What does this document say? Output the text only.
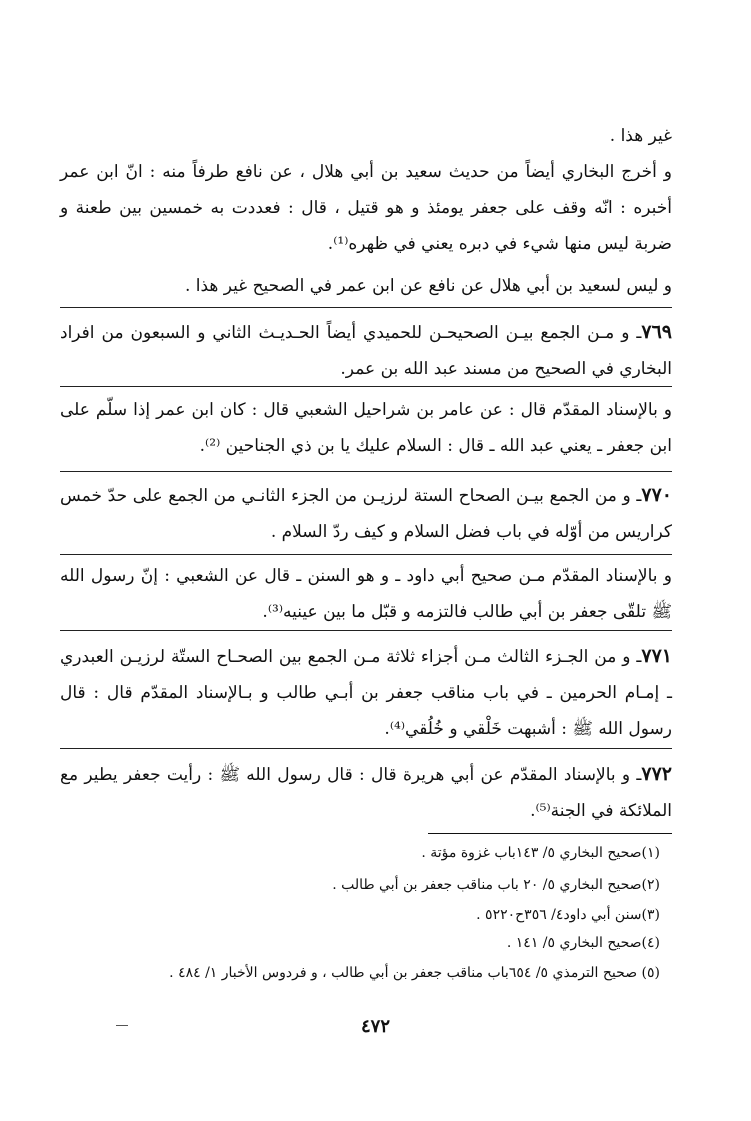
غير هذا .

و أخرج البخاري أيضاً من حديث سعيد بن أبي هلال ، عن نافع طرفاً منه : انّ ابن عمر أخبره : انّه وقف على جعفر يومئذ و هو قتيل ، قال : فعددت به خمسين بين طعنة و ضربة ليس منها شيء في دبره يعني في ظهره⁽¹⁾.

و ليس لسعيد بن أبي هلال عن نافع عن ابن عمر في الصحيح غير هذا .

٧٦٩ـ و مـن الجمع بيـن الصحيحـن للحميدي أيضاً الحـديـث الثاني و السبعون من افراد البخاري في الصحيح من مسند عبد الله بن عمر.

و بالإسناد المقدّم قال : عن عامر بن شراحيل الشعبي قال : كان ابن عمر إذا سلّم على ابن جعفر ـ يعني عبد الله ـ قال : السلام عليك يا بن ذي الجناحين ⁽²⁾.

٧٧٠ـ و من الجمع بيـن الصحاح الستة لرزيـن من الجزء الثانـي من الجمع على حدّ خمس كراريس من أوّله في باب فضل السلام و كيف ردّ السلام .

و بالإسناد المقدّم مـن صحيح أبي داود ـ و هو السنن ـ قال عن الشعبي : إنّ رسول الله ﷺ تلقّى جعفر بن أبي طالب فالتزمه و قبّل ما بين عينيه⁽³⁾.

٧٧١ـ و من الجـزء الثالث مـن أجزاء ثلاثة مـن الجمع بين الصحـاح الستّة لرزيـن العبدري ـ إمـام الحرمين ـ في باب مناقب جعفر بن أبـي طالب و بـالإسناد المقدّم قال : قال رسول الله ﷺ : أشبهت خَلْقي و خُلُقي⁽⁴⁾.

٧٧٢ـ و بالإسناد المقدّم عن أبي هريرة قال : قال رسول الله ﷺ : رأيت جعفر يطير مع الملائكة في الجنة⁽⁵⁾.

(١)صحيح البخاري ٥/ ١٤٣باب غزوة مؤتة .

(٢)صحيح البخاري ٥/ ٢٠ باب مناقب جعفر بن أبي طالب .

(٣)سنن أبي داود٤/ ٣٥٦ح٥٢٢٠ .

(٤)صحيح البخاري ٥/ ١٤١ .

(٥) صحيح الترمذي ٥/ ٦٥٤باب مناقب جعفر بن أبي طالب ، و فردوس الأخبار ١/ ٤٨٤ .

٤٧٢
